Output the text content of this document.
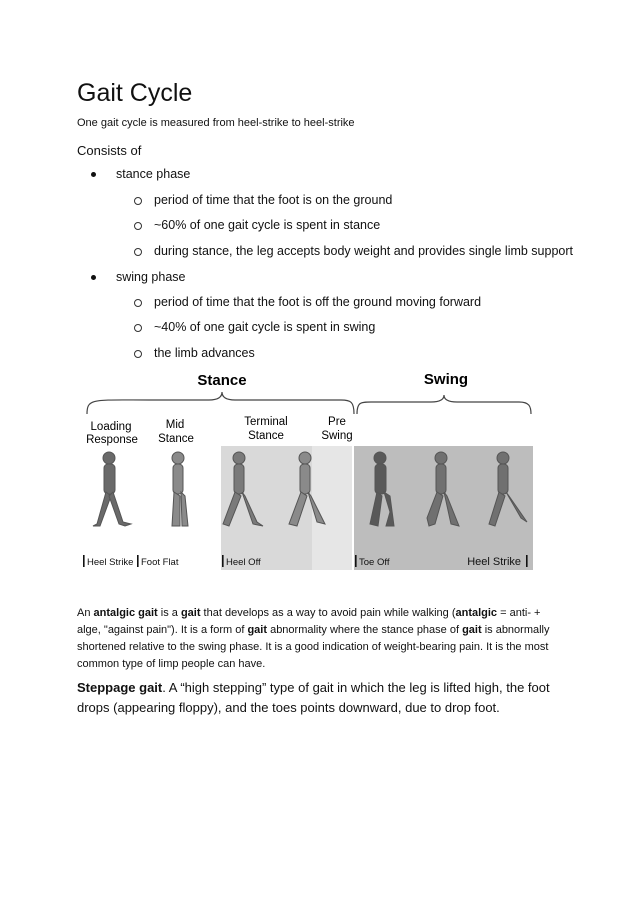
Gait Cycle
One gait cycle is measured from heel-strike to heel-strike
Consists of
stance phase
period of time that the foot is on the ground
~60% of one gait cycle is spent in stance
during stance, the leg accepts body weight and provides single limb support
swing phase
period of time that the foot is off the ground moving forward
~40% of one gait cycle is spent in swing
the limb advances
Stance	Swing
Loading
Response
Mid
Stance
Terminal
Stance
Pre
Swing
Heel Strike Foot Flat	Heel Off	Toe Off	Heel Strike
An antalgic gait is a gait that develops as a way to avoid pain while walking (antalgic = anti- + alge, "against pain"). It is a form of gait abnormality where the stance phase of gait is abnormally shortened relative to the swing phase. It is a good indication of weight-bearing pain. It is the most common type of limp people can have.
Steppage gait. A “high stepping” type of gait in which the leg is lifted high, the foot drops (appearing floppy), and the toes points downward, due to drop foot.
